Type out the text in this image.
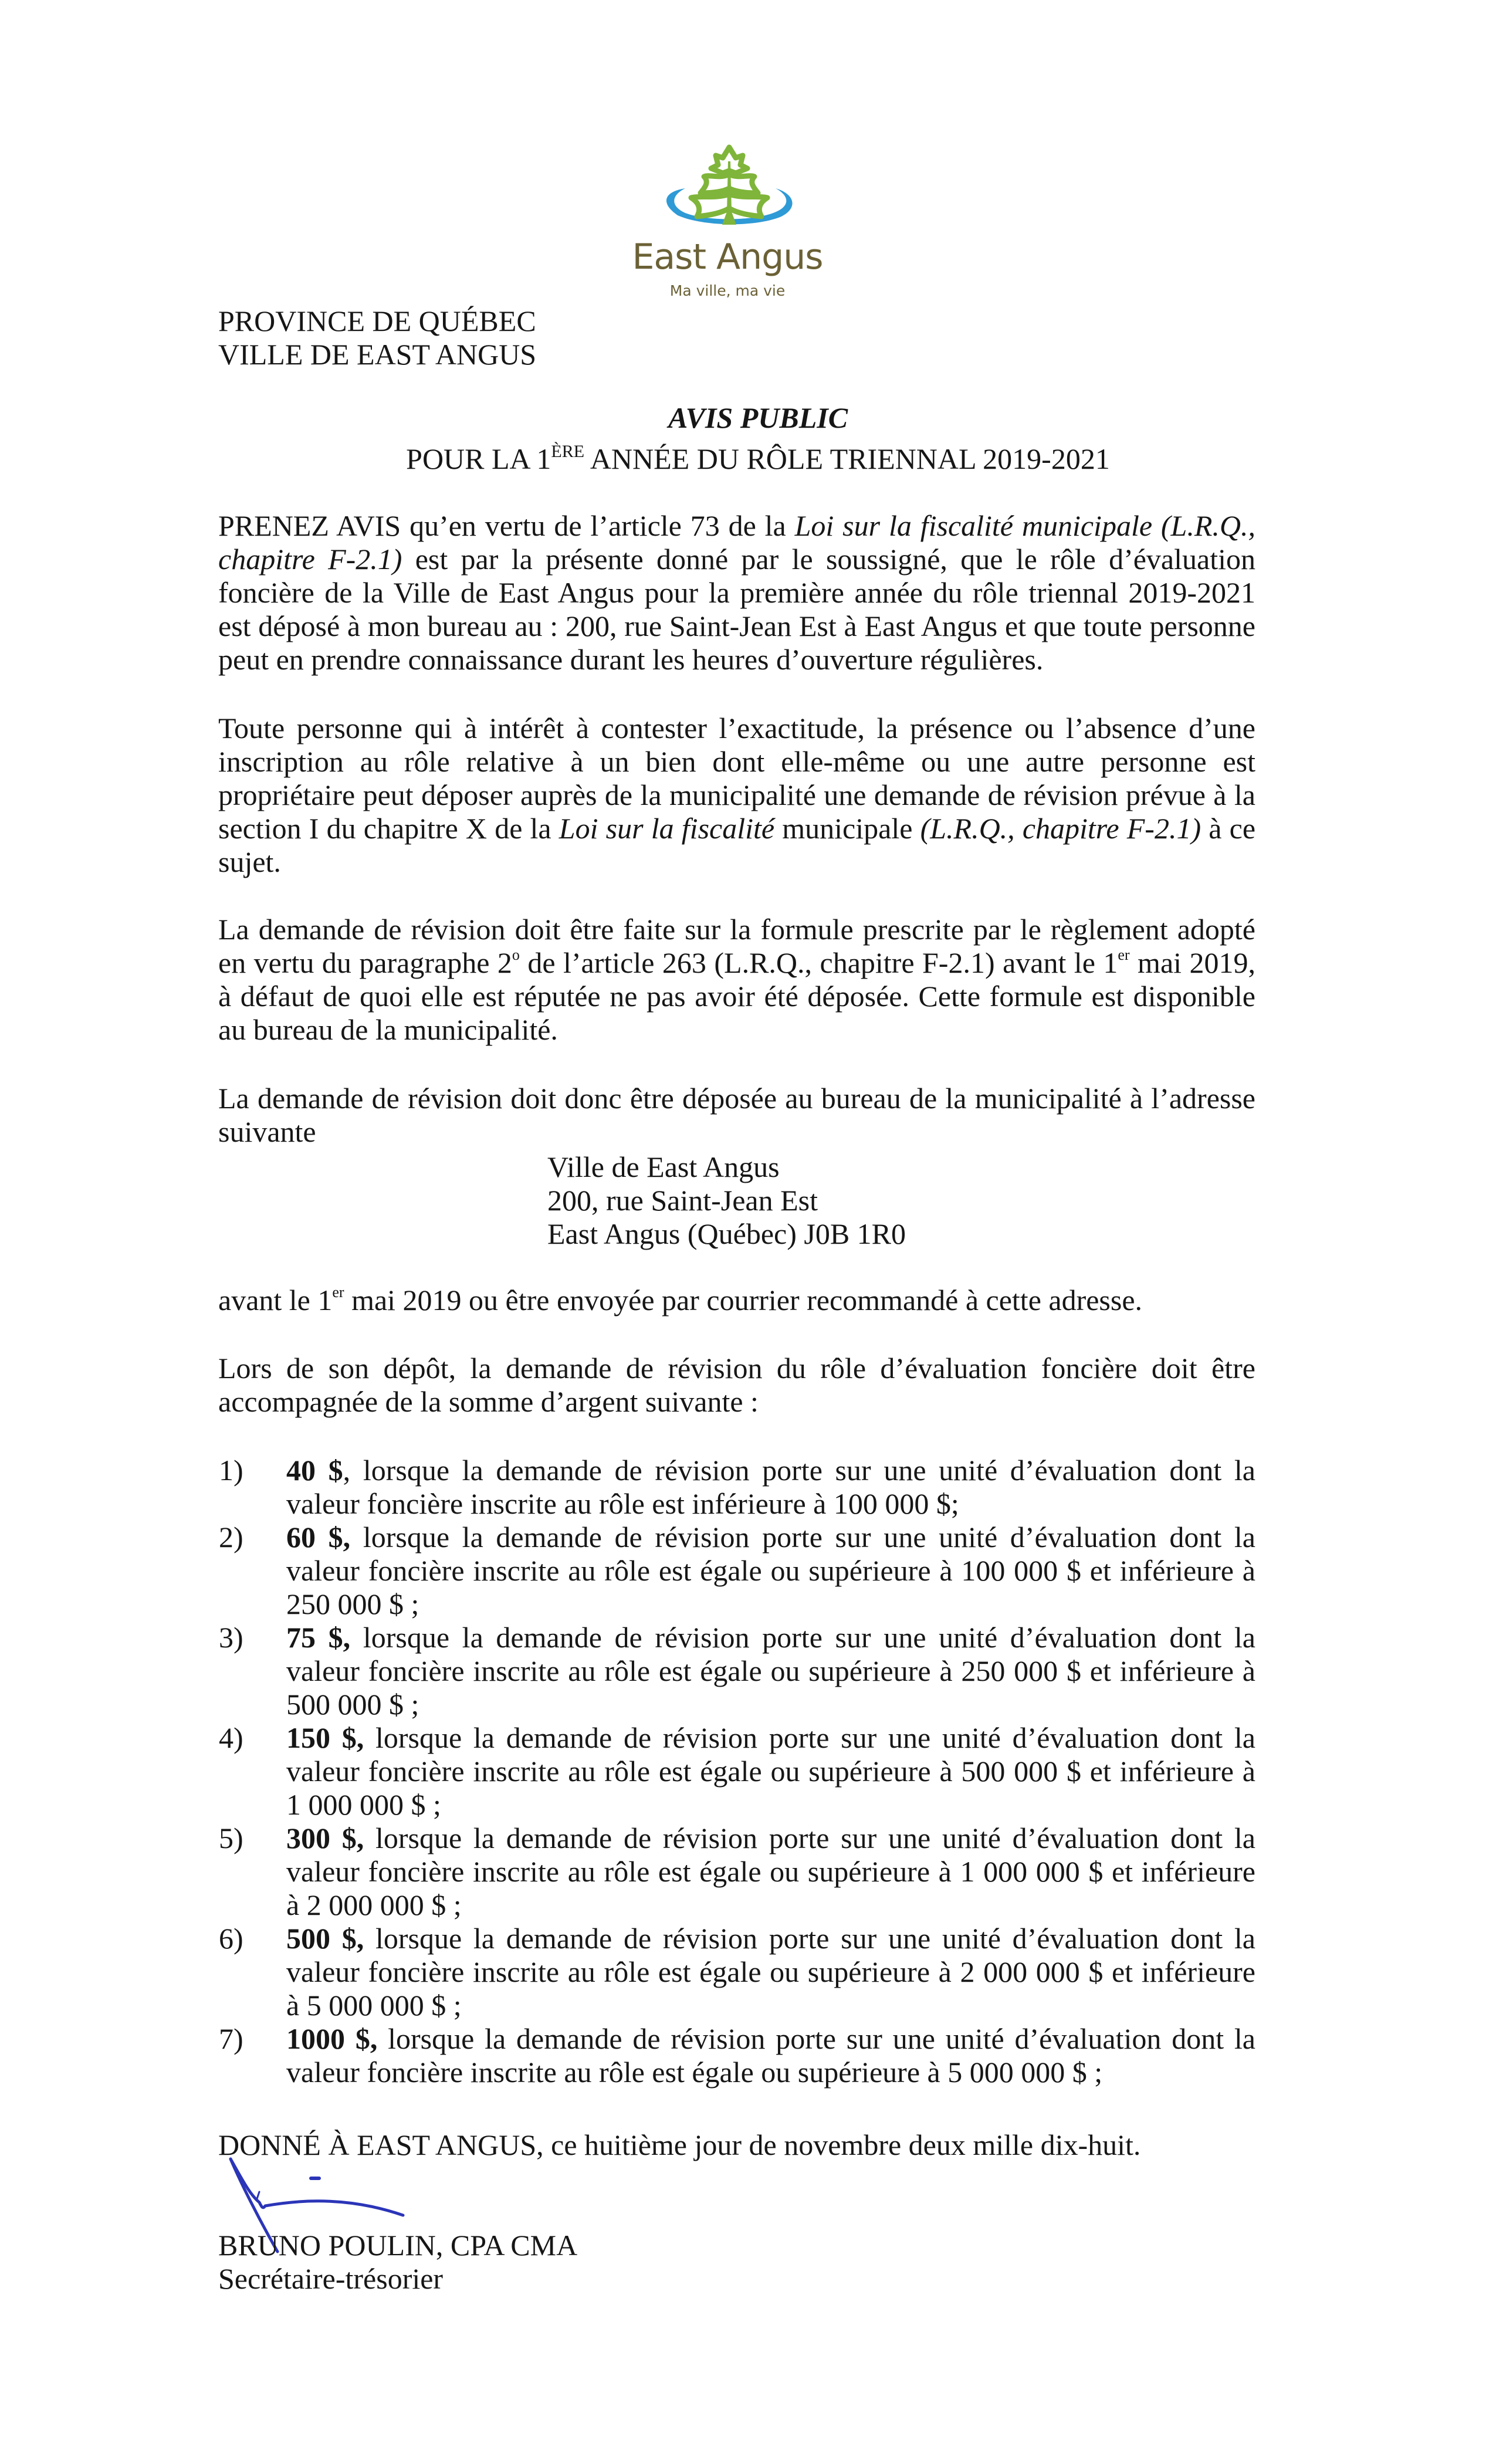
East Angus
Ma ville, ma vie
PROVINCE DE QUÉBEC
VILLE DE EAST ANGUS
AVIS PUBLIC
POUR LA 1ÈRE ANNÉE DU RÔLE TRIENNAL 2019-2021
PRENEZ AVIS qu’en vertu de l’article 73 de la Loi sur la fiscalité municipale (L.R.Q.,
chapitre F-2.1) est par la présente donné par le soussigné, que le rôle d’évaluation
foncière de la Ville de East Angus pour la première année du rôle triennal 2019-2021
est déposé à mon bureau au : 200, rue Saint-Jean Est à East Angus et que toute personne
peut en prendre connaissance durant les heures d’ouverture régulières.
Toute personne qui à intérêt à contester l’exactitude, la présence ou l’absence d’une
inscription au rôle relative à un bien dont elle-même ou une autre personne est
propriétaire peut déposer auprès de la municipalité une demande de révision prévue à la
section I du chapitre X de la Loi sur la fiscalité municipale (L.R.Q., chapitre F-2.1) à ce
sujet.
La demande de révision doit être faite sur la formule prescrite par le règlement adopté
en vertu du paragraphe 2$^o$ de l’article 263 (L.R.Q., chapitre F-2.1) avant le 1er mai 2019,
à défaut de quoi elle est réputée ne pas avoir été déposée. Cette formule est disponible
au bureau de la municipalité.
La demande de révision doit donc être déposée au bureau de la municipalité à l’adresse
suivante
Ville de East Angus
200, rue Saint-Jean Est
East Angus (Québec) J0B 1R0
avant le 1er mai 2019 ou être envoyée par courrier recommandé à cette adresse.
Lors de son dépôt, la demande de révision du rôle d’évaluation foncière doit être
accompagnée de la somme d’argent suivante :
1) 40 $, lorsque la demande de révision porte sur une unité d’évaluation dont la
valeur foncière inscrite au rôle est inférieure à 100 000 $;
2) 60 $, lorsque la demande de révision porte sur une unité d’évaluation dont la
valeur foncière inscrite au rôle est égale ou supérieure à 100 000 $ et inférieure à
250 000 $ ;
3) 75 $, lorsque la demande de révision porte sur une unité d’évaluation dont la
valeur foncière inscrite au rôle est égale ou supérieure à 250 000 $ et inférieure à
500 000 $ ;
4) 150 $, lorsque la demande de révision porte sur une unité d’évaluation dont la
valeur foncière inscrite au rôle est égale ou supérieure à 500 000 $ et inférieure à
1 000 000 $ ;
5) 300 $, lorsque la demande de révision porte sur une unité d’évaluation dont la
valeur foncière inscrite au rôle est égale ou supérieure à 1 000 000 $ et inférieure
à 2 000 000 $ ;
6) 500 $, lorsque la demande de révision porte sur une unité d’évaluation dont la
valeur foncière inscrite au rôle est égale ou supérieure à 2 000 000 $ et inférieure
à 5 000 000 $ ;
7) 1000 $, lorsque la demande de révision porte sur une unité d’évaluation dont la
valeur foncière inscrite au rôle est égale ou supérieure à 5 000 000 $ ;
DONNÉ À EAST ANGUS, ce huitième jour de novembre deux mille dix-huit.
BRUNO POULIN, CPA CMA
Secrétaire-trésorier
